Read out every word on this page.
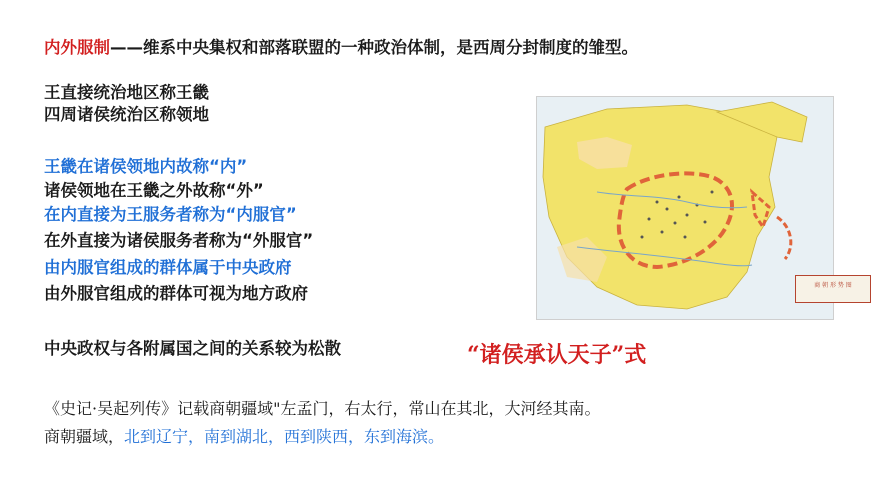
内外服制——维系中央集权和部落联盟的一种政治体制，是西周分封制度的雏型。
王直接统治地区称王畿
四周诸侯统治区称领地
王畿在诸侯领地内故称“内”
诸侯领地在王畿之外故称“外”
在内直接为王服务者称为“内服官”
在外直接为诸侯服务者称为“外服官”
由内服官组成的群体属于中央政府
由外服官组成的群体可视为地方政府
中央政权与各附属国之间的关系较为松散	“诸侯承认天子”式
《史记·吴起列传》记载商朝疆域"左孟门，右太行，常山在其北，大河经其南。
商朝疆域，北到辽宁，南到湖北，西到陕西，东到海滨。
商 朝 形 势 图
